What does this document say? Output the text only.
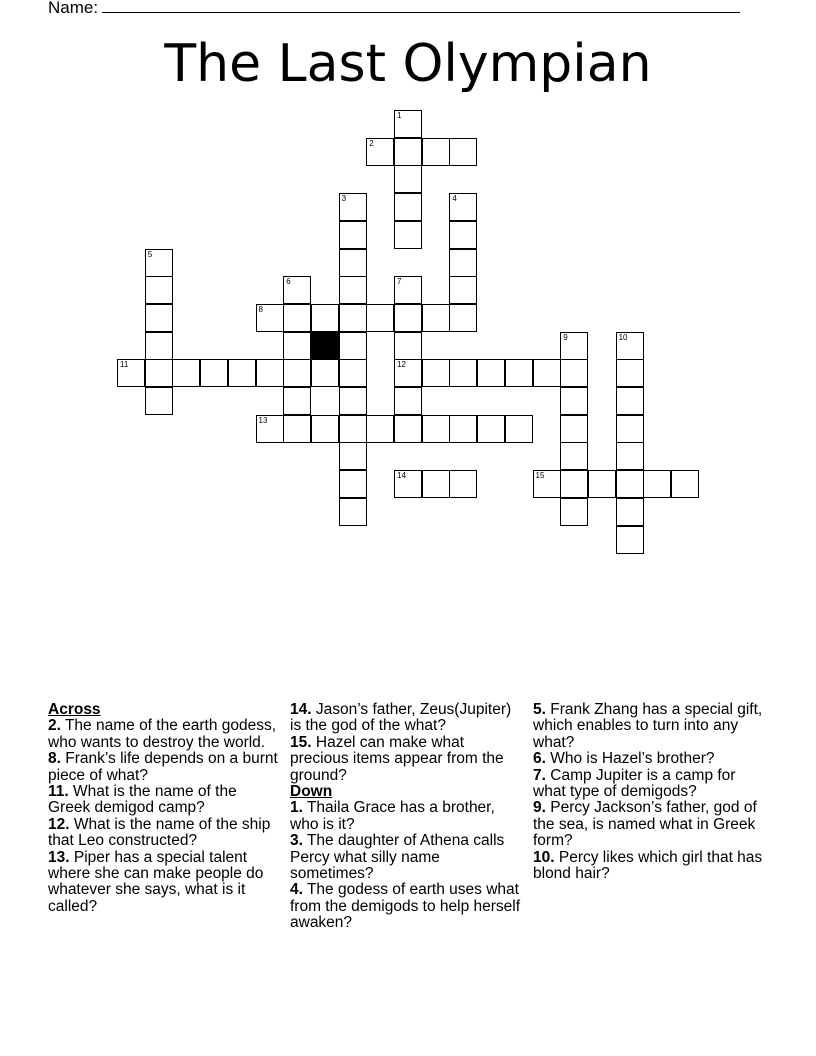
Name:
The Last Olympian
2
1
3	4
5
6	7
12
8
9	10
11
13
14	15

Across

2. The name of the earth godess, who wants to destroy the world.

8. Frank’s life depends on a burnt piece of what?

11. What is the name of the Greek demigod camp?

12. What is the name of the ship that Leo constructed?

13. Piper has a special talent where she can make people do whatever she says, what is it called?

14. Jason’s father, Zeus(Jupiter) is the god of the what?

15. Hazel can make what precious items appear from the ground?

Down

1. Thaila Grace has a brother, who is it?

3. The daughter of Athena calls Percy what silly name sometimes?

4. The godess of earth uses what from the demigods to help herself awaken?

5. Frank Zhang has a special gift, which enables to turn into any what?

6. Who is Hazel’s brother?

7. Camp Jupiter is a camp for what type of demigods?

9. Percy Jackson’s father, god of the sea, is named what in Greek form?

10. Percy likes which girl that has blond hair?
